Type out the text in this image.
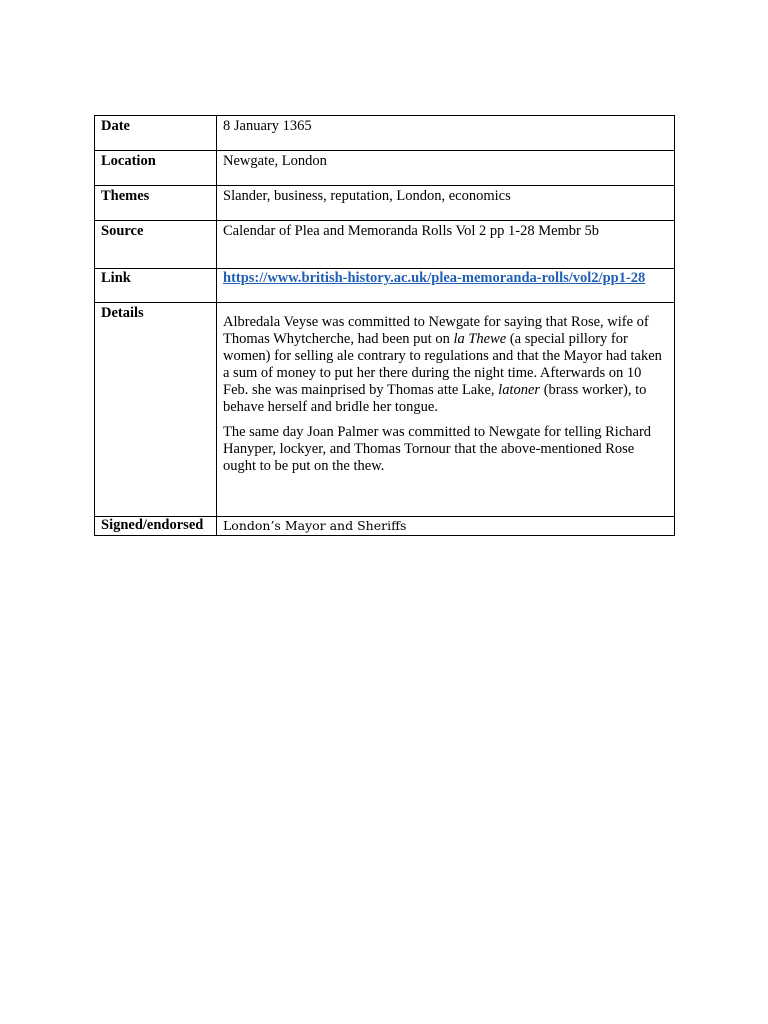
Date	8 January 1365
Location	Newgate, London
Themes	Slander, business, reputation, London, economics
Source	Calendar of Plea and Memoranda Rolls Vol 2 pp 1-28 Membr 5b
Link	https://www.british-history.ac.uk/plea-memoranda-rolls/vol2/pp1-28
Details	Albredala Veyse was committed to Newgate for saying that Rose, wife of Thomas Whytcherche, had been put on la Thewe (a special pillory for women) for selling ale contrary to regulations and that the Mayor had taken a sum of money to put her there during the night time. Afterwards on 10 Feb. she was mainprised by Thomas atte Lake, latoner (brass worker), to behave herself and bridle her tongue.

The same day Joan Palmer was committed to Newgate for telling Richard Hanyper, lockyer, and Thomas Tornour that the above-mentioned Rose ought to be put on the thew.

Signed/endorsed	London’s Mayor and Sheriffs
